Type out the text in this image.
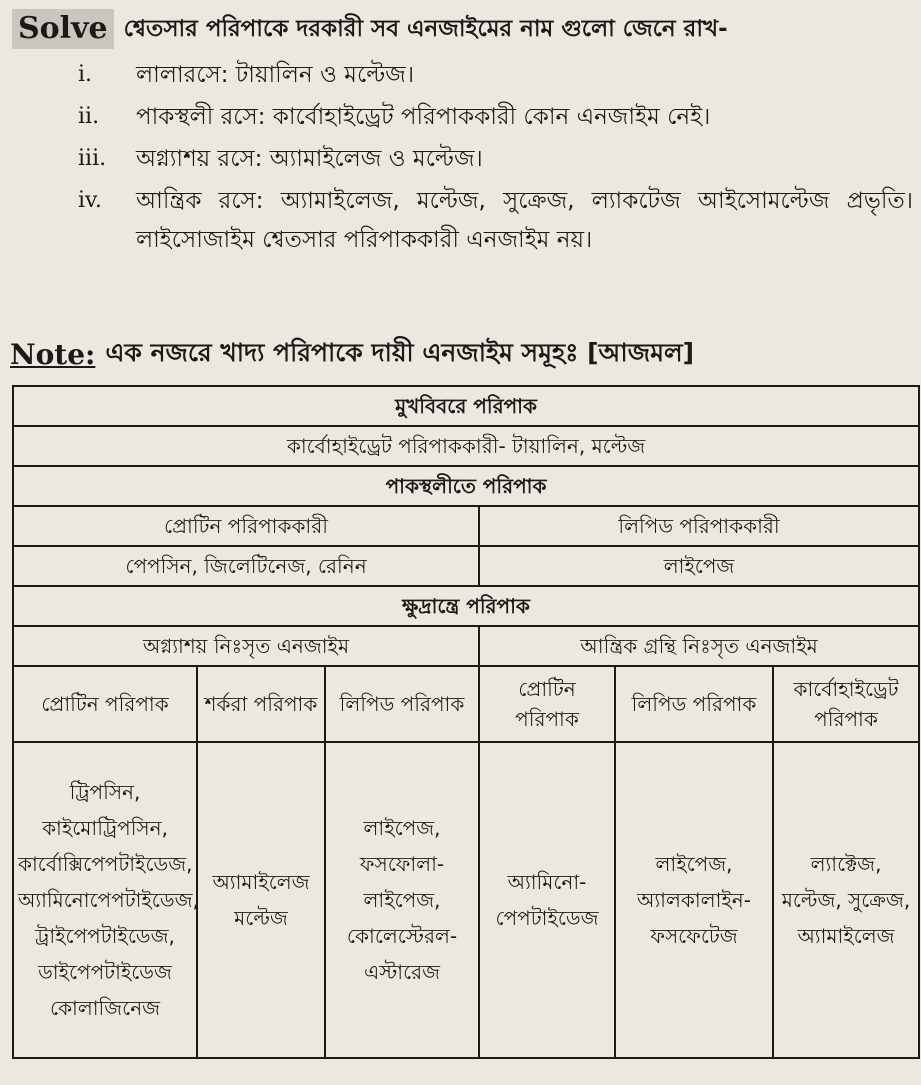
Solve শ্বেতসার পরিপাকে দরকারী সব এনজাইমের নাম গুলো জেনে রাখ-
i.	লালারসে: টায়ালিন ও মল্টেজ।
ii.	পাকস্থলী রসে: কার্বোহাইড্রেট পরিপাককারী কোন এনজাইম নেই।
iii.	অগ্ন্যাশয় রসে: অ্যামাইলেজ ও মল্টেজ।
iv.	আন্ত্রিক রসে: অ্যামাইলেজ, মল্টেজ, সুক্রেজ, ল্যাকটেজ আইসোমল্টেজ প্রভৃতি। লাইসোজাইম শ্বেতসার পরিপাককারী এনজাইম নয়।
Note: এক নজরে খাদ্য পরিপাকে দায়ী এনজাইম সমূহঃ [আজমল]
মুখবিবরে পরিপাক					
কার্বোহাইড্রেট পরিপাককারী- টায়ালিন, মল্টেজ					
পাকস্থলীতে পরিপাক					
প্রোটিন পরিপাককারী			লিপিড পরিপাককারী		
পেপসিন, জিলেটিনেজ, রেনিন			লাইপেজ		
ক্ষুদ্রান্ত্রে পরিপাক					
অগ্ন্যাশয় নিঃসৃত এনজাইম			আন্ত্রিক গ্রন্থি নিঃসৃত এনজাইম		
প্রোটিন পরিপাক	শর্করা পরিপাক	লিপিড পরিপাক	প্রোটিন পরিপাক	লিপিড পরিপাক	কার্বোহাইড্রেট পরিপাক
ট্রিপসিন, কাইমোট্রিপসিন, কার্বোক্সিপেপটাইডেজ, অ্যামিনোপেপটাইডেজ, ট্রাইপেপটাইডেজ, ডাইপেপটাইডেজ কোলাজিনেজ	অ্যামাইলেজ মল্টেজ	লাইপেজ, ফসফোলা-লাইপেজ, কোলেস্টেরল-এস্টারেজ	অ্যামিনো-পেপটাইডেজ	লাইপেজ, অ্যালকালাইন-ফসফেটেজ	ল্যাক্টেজ, মল্টেজ, সুক্রেজ, অ্যামাইলেজ
